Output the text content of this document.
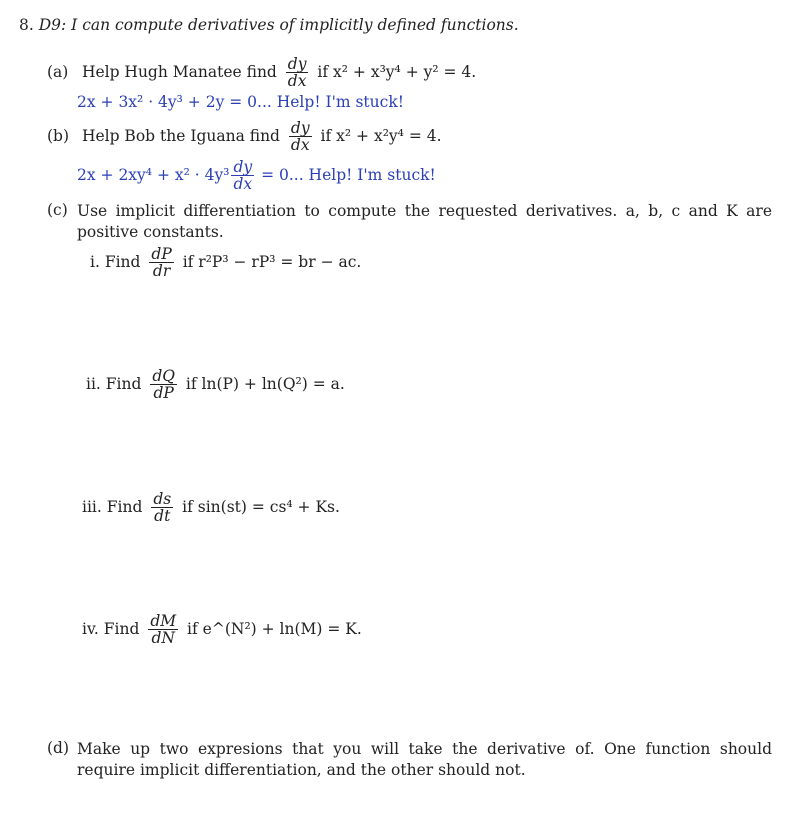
8. D9: I can compute derivatives of implicitly defined functions.
(a) Help Hugh Manatee find $\frac{dy}{dx}$ if x² + x³y⁴ + y² = 4.
2x + 3x² · 4y³ + 2y = 0... Help! I'm stuck!
(b) Help Bob the Iguana find $\frac{dy}{dx}$ if x² + x²y⁴ = 4.
$2x + 2xy^4 + x^2 \cdot 4y^3 \frac{dy}{dx} = 0$... Help! I'm stuck!
(c) Use implicit differentiation to compute the requested derivatives. a, b, c and K are positive constants.
i. Find $\frac{dP}{dr}$ if r²P³ − rP³ = br − ac.
ii. Find $\frac{dQ}{dP}$ if ln(P) + ln(Q²) = a.
iii. Find $\frac{ds}{dt}$ if sin(st) = cs⁴ + Ks.
iv. Find $\frac{dM}{dN}$ if e^(N²) + ln(M) = K.
(d) Make up two expresions that you will take the derivative of. One function should require implicit differentiation, and the other should not.
